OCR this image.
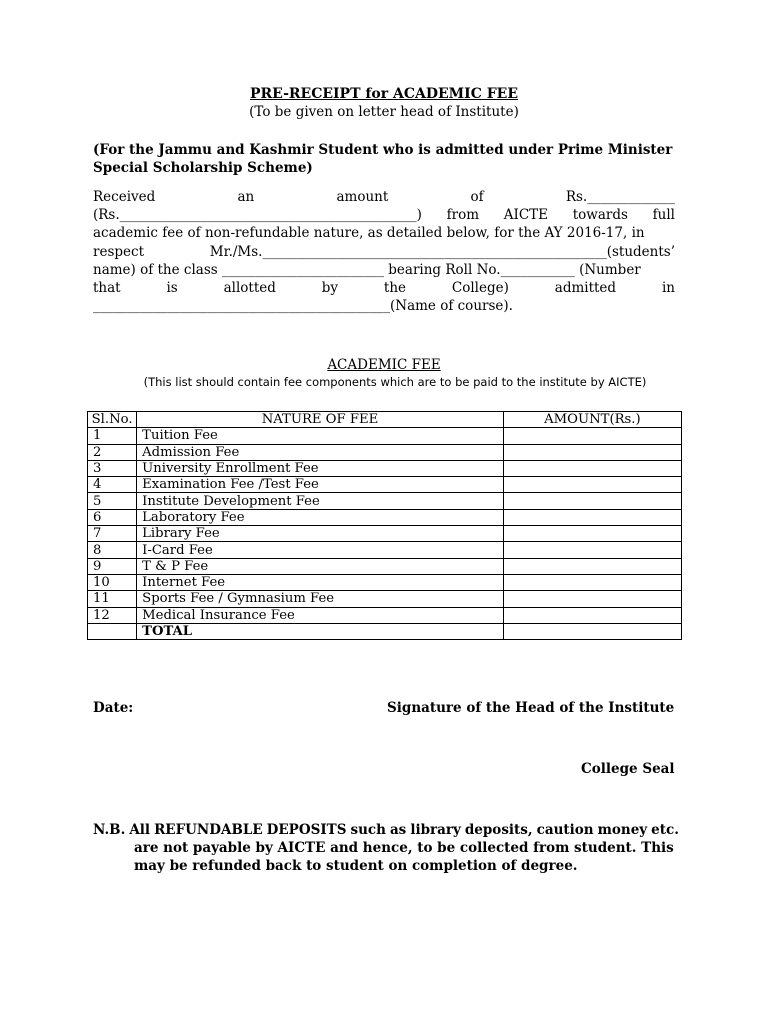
PRE-RECEIPT for ACADEMIC FEE
(To be given on letter head of Institute)
(For the Jammu and Kashmir Student who is admitted under Prime Minister Special Scholarship Scheme)
Received	an	amount	of	Rs._____________
(Rs.____________________________________________) from AICTE towards full
academic fee of non-refundable nature, as detailed below, for the AY 2016-17, in
respect	Mr./Ms.___________________________________________________(students’
name) of the class ________________________ bearing Roll No.___________ (Number
that	is	allotted	by	the	College)	admitted	in
____________________________________________(Name of course).
ACADEMIC FEE
(This list should contain fee components which are to be paid to the institute by AICTE)
Sl.No.	NATURE OF FEE	AMOUNT(Rs.)
1	Tuition Fee	
2	Admission Fee	
3	University Enrollment Fee	
4	Examination Fee /Test Fee	
5	Institute Development Fee	
6	Laboratory Fee	
7	Library Fee	
8	I-Card Fee	
9	T & P Fee	
10	Internet Fee	
11	Sports Fee / Gymnasium Fee	
12	Medical Insurance Fee	
	TOTAL	
Date:	Signature of the Head of the Institute
College Seal
N.B. All REFUNDABLE DEPOSITS such as library deposits, caution money etc.
are not payable by AICTE and hence, to be collected from student. This
may be refunded back to student on completion of degree.
